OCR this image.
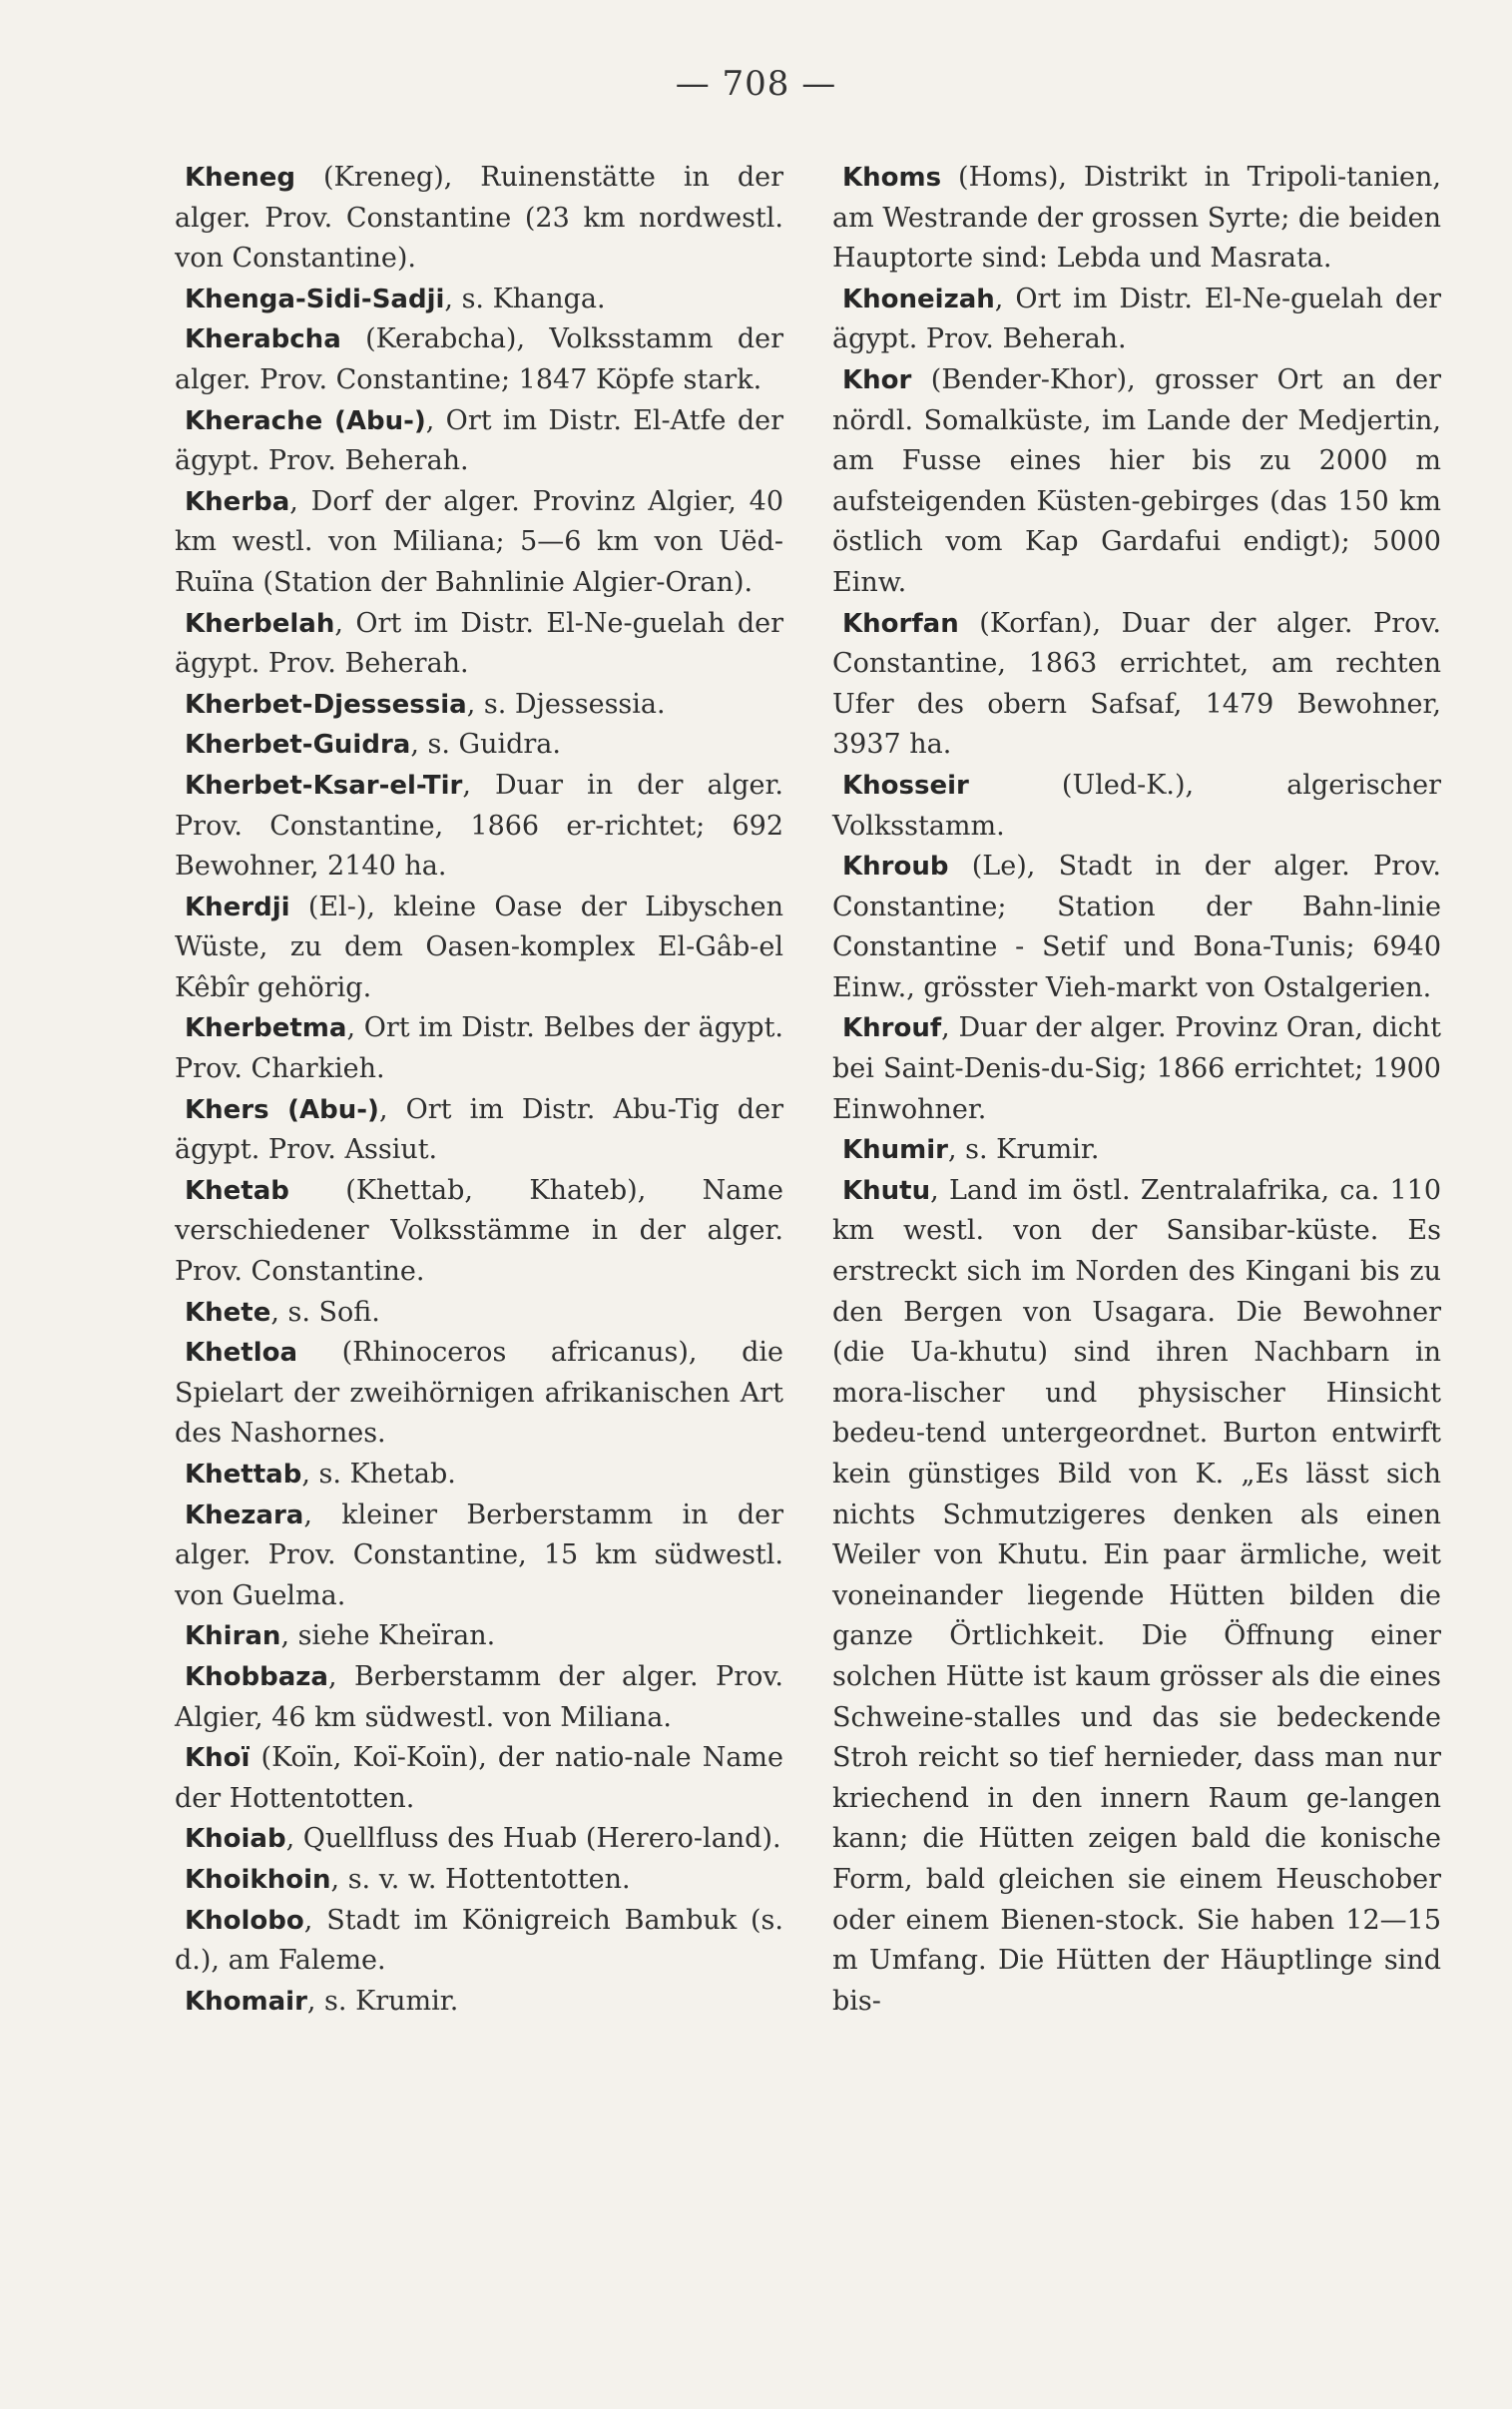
— 708 —

Kheneg (Kreneg), Ruinenstätte in der alger. Prov. Constantine (23 km nordwestl. von Constantine).

Khenga-Sidi-Sadji, s. Khanga.

Kherabcha (Kerabcha), Volksstamm der alger. Prov. Constantine; 1847 Köpfe stark.

Kherache (Abu-), Ort im Distr. El-Atfe der ägypt. Prov. Beherah.

Kherba, Dorf der alger. Provinz Algier, 40 km westl. von Miliana; 5—6 km von Uëd-Ruïna (Station der Bahnlinie Algier-Oran).

Kherbelah, Ort im Distr. El-Ne-guelah der ägypt. Prov. Beherah.

Kherbet-Djessessia, s. Djessessia.

Kherbet-Guidra, s. Guidra.

Kherbet-Ksar-el-Tir, Duar in der alger. Prov. Constantine, 1866 er-richtet; 692 Bewohner, 2140 ha.

Kherdji (El-), kleine Oase der Libyschen Wüste, zu dem Oasen-komplex El-Gâb-el Kêbîr gehörig.

Kherbetma, Ort im Distr. Belbes der ägypt. Prov. Charkieh.

Khers (Abu-), Ort im Distr. Abu-Tig der ägypt. Prov. Assiut.

Khetab (Khettab, Khateb), Name verschiedener Volksstämme in der alger. Prov. Constantine.

Khete, s. Sofi.

Khetloa (Rhinoceros africanus), die Spielart der zweihörnigen afrikanischen Art des Nashornes.

Khettab, s. Khetab.

Khezara, kleiner Berberstamm in der alger. Prov. Constantine, 15 km südwestl. von Guelma.

Khiran, siehe Kheïran.

Khobbaza, Berberstamm der alger. Prov. Algier, 46 km südwestl. von Miliana.

Khoï (Koïn, Koï-Koïn), der natio-nale Name der Hottentotten.

Khoiab, Quellfluss des Huab (Herero-land).

Khoikhoin, s. v. w. Hottentotten.

Kholobo, Stadt im Königreich Bambuk (s. d.), am Faleme.

Khomair, s. Krumir.

Khoms (Homs), Distrikt in Tripoli-tanien, am Westrande der grossen Syrte; die beiden Hauptorte sind: Lebda und Masrata.

Khoneizah, Ort im Distr. El-Ne-guelah der ägypt. Prov. Beherah.

Khor (Bender-Khor), grosser Ort an der nördl. Somalküste, im Lande der Medjertin, am Fusse eines hier bis zu 2000 m aufsteigenden Küsten-gebirges (das 150 km östlich vom Kap Gardafui endigt); 5000 Einw.

Khorfan (Korfan), Duar der alger. Prov. Constantine, 1863 errichtet, am rechten Ufer des obern Safsaf, 1479 Bewohner, 3937 ha.

Khosseir (Uled-K.), algerischer Volksstamm.

Khroub (Le), Stadt in der alger. Prov. Constantine; Station der Bahn-linie Constantine - Setif und Bona-Tunis; 6940 Einw., grösster Vieh-markt von Ostalgerien.

Khrouf, Duar der alger. Provinz Oran, dicht bei Saint-Denis-du-Sig; 1866 errichtet; 1900 Einwohner.

Khumir, s. Krumir.

Khutu, Land im östl. Zentralafrika, ca. 110 km westl. von der Sansibar-küste. Es erstreckt sich im Norden des Kingani bis zu den Bergen von Usagara. Die Bewohner (die Ua-khutu) sind ihren Nachbarn in mora-lischer und physischer Hinsicht bedeu-tend untergeordnet. Burton entwirft kein günstiges Bild von K. „Es lässt sich nichts Schmutzigeres denken als einen Weiler von Khutu. Ein paar ärmliche, weit voneinander liegende Hütten bilden die ganze Örtlichkeit. Die Öffnung einer solchen Hütte ist kaum grösser als die eines Schweine-stalles und das sie bedeckende Stroh reicht so tief hernieder, dass man nur kriechend in den innern Raum ge-langen kann; die Hütten zeigen bald die konische Form, bald gleichen sie einem Heuschober oder einem Bienen-stock. Sie haben 12—15 m Umfang. Die Hütten der Häuptlinge sind bis-
